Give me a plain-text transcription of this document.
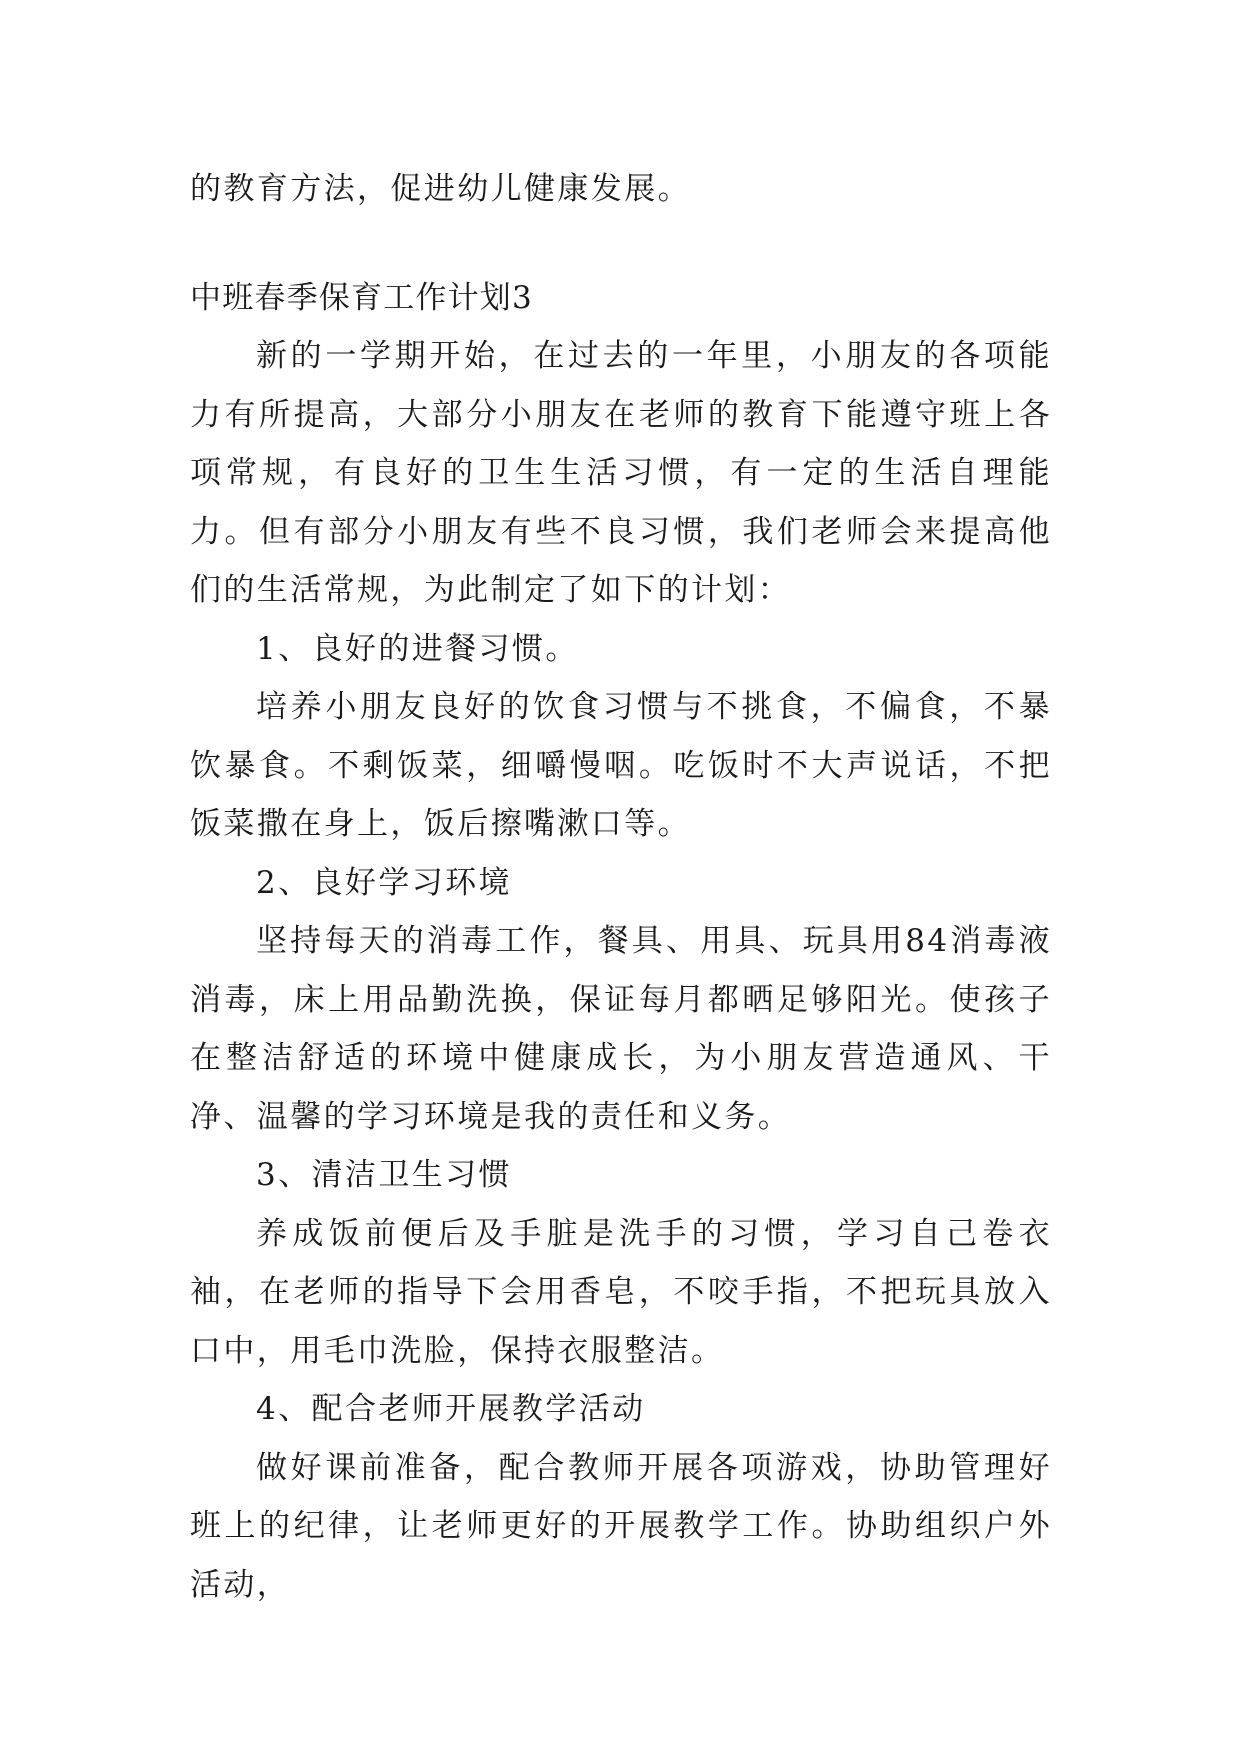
的教育方法，促进幼儿健康发展。

中班春季保育工作计划3

新的一学期开始，在过去的一年里，小朋友的各项能力有所提高，大部分小朋友在老师的教育下能遵守班上各项常规，有良好的卫生生活习惯，有一定的生活自理能力。但有部分小朋友有些不良习惯，我们老师会来提高他们的生活常规，为此制定了如下的计划：

1、良好的进餐习惯。

培养小朋友良好的饮食习惯与不挑食，不偏食，不暴饮暴食。不剩饭菜，细嚼慢咽。吃饭时不大声说话，不把饭菜撒在身上，饭后擦嘴漱口等。

2、良好学习环境

坚持每天的消毒工作，餐具、用具、玩具用84消毒液消毒，床上用品勤洗换，保证每月都晒足够阳光。使孩子在整洁舒适的环境中健康成长，为小朋友营造通风、干净、温馨的学习环境是我的责任和义务。

3、清洁卫生习惯

养成饭前便后及手脏是洗手的习惯，学习自己卷衣袖，在老师的指导下会用香皂，不咬手指，不把玩具放入口中，用毛巾洗脸，保持衣服整洁。

4、配合老师开展教学活动

做好课前准备，配合教师开展各项游戏，协助管理好班上的纪律，让老师更好的开展教学工作。协助组织户外活动，
